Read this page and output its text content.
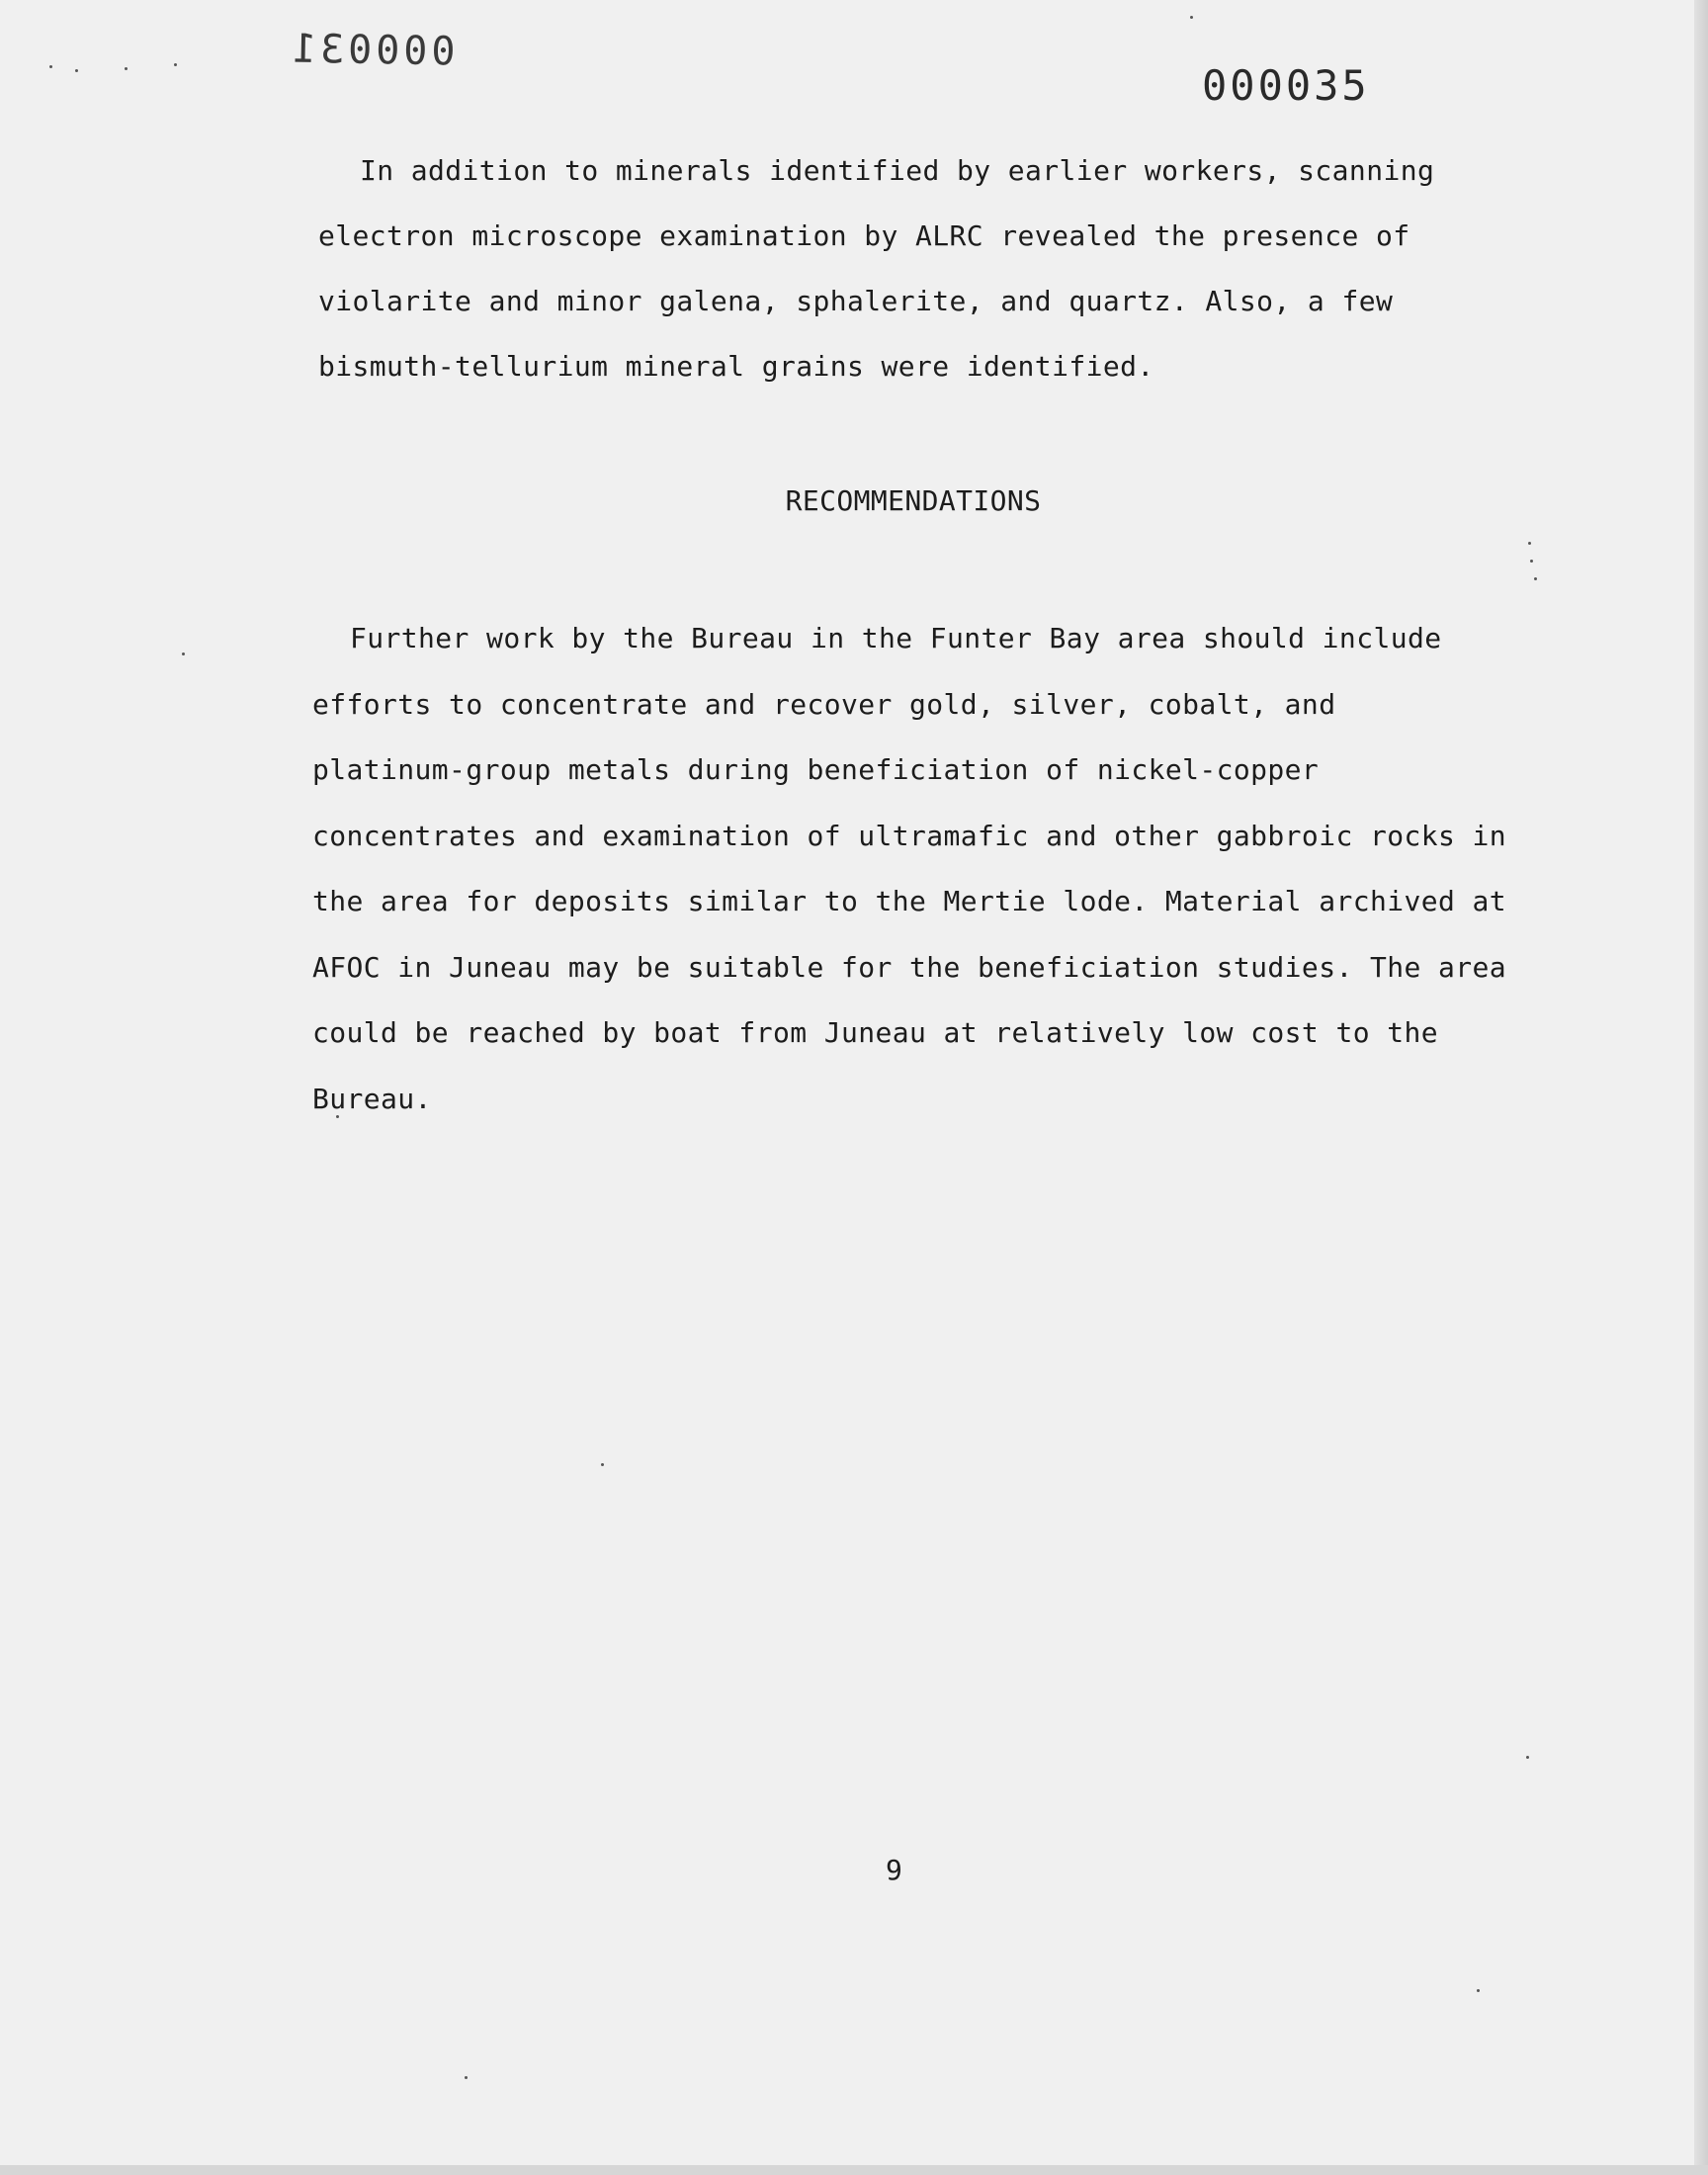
000031
000035

In addition to minerals identified by earlier workers, scanning
electron microscope examination by ALRC revealed the presence of
violarite and minor galena, sphalerite, and quartz. Also, a few
bismuth-tellurium mineral grains were identified.

RECOMMENDATIONS

Further work by the Bureau in the Funter Bay area should include
efforts to concentrate and recover gold, silver, cobalt, and
platinum-group metals during beneficiation of nickel-copper
concentrates and examination of ultramafic and other gabbroic rocks in
the area for deposits similar to the Mertie lode. Material archived at
AFOC in Juneau may be suitable for the beneficiation studies. The area
could be reached by boat from Juneau at relatively low cost to the
Bureau.

9
